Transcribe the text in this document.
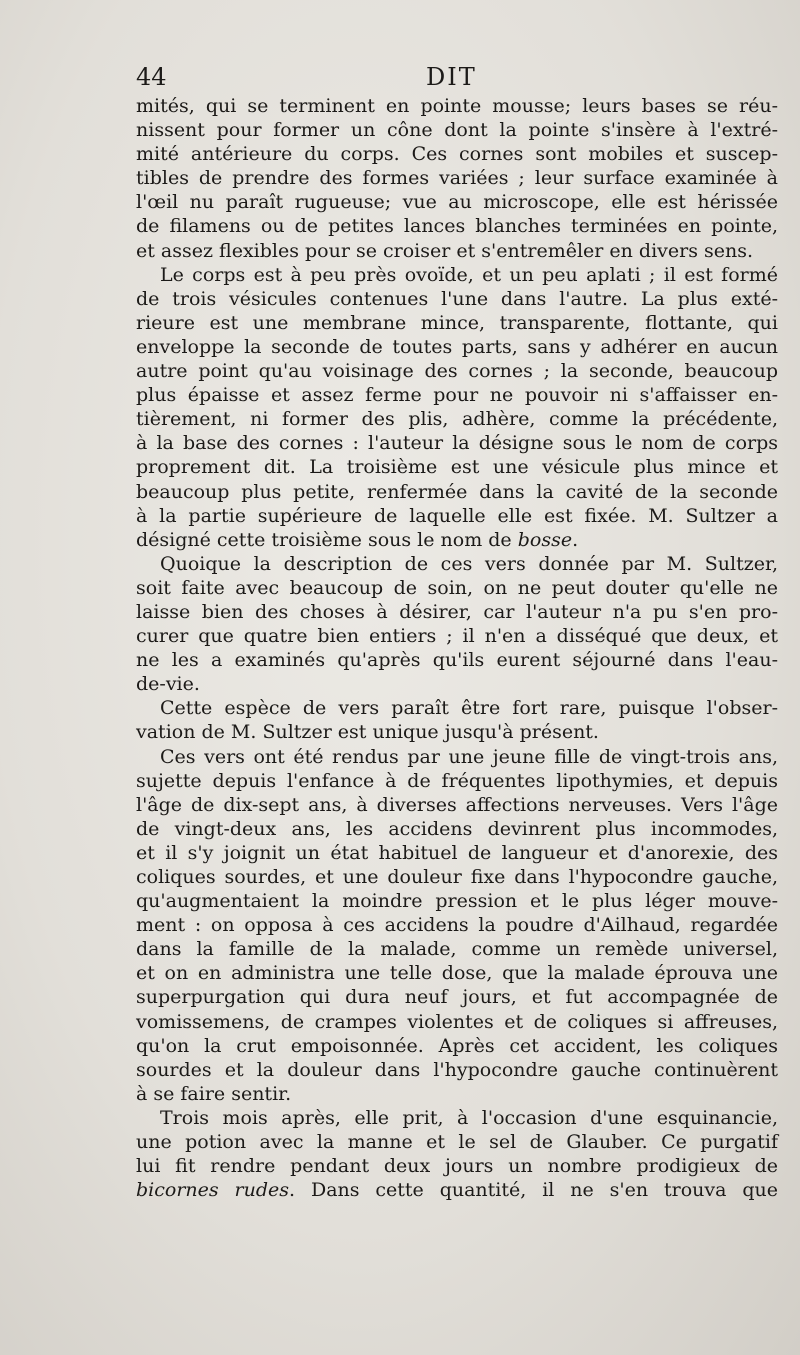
44	DIT
mités, qui se terminent en pointe mousse; leurs bases se réu-
nissent pour former un cône dont la pointe s'insère à l'extré-
mité antérieure du corps. Ces cornes sont mobiles et suscep-
tibles de prendre des formes variées ; leur surface examinée à
l'œil nu paraît rugueuse; vue au microscope, elle est hérissée
de filamens ou de petites lances blanches terminées en pointe,
et assez flexibles pour se croiser et s'entremêler en divers sens.
Le corps est à peu près ovoïde, et un peu aplati ; il est formé
de trois vésicules contenues l'une dans l'autre. La plus exté-
rieure est une membrane mince, transparente, flottante, qui
enveloppe la seconde de toutes parts, sans y adhérer en aucun
autre point qu'au voisinage des cornes ; la seconde, beaucoup
plus épaisse et assez ferme pour ne pouvoir ni s'affaisser en-
tièrement, ni former des plis, adhère, comme la précédente,
à la base des cornes : l'auteur la désigne sous le nom de corps
proprement dit. La troisième est une vésicule plus mince et
beaucoup plus petite, renfermée dans la cavité de la seconde
à la partie supérieure de laquelle elle est fixée. M. Sultzer a
désigné cette troisième sous le nom de bosse.
Quoique la description de ces vers donnée par M. Sultzer,
soit faite avec beaucoup de soin, on ne peut douter qu'elle ne
laisse bien des choses à désirer, car l'auteur n'a pu s'en pro-
curer que quatre bien entiers ; il n'en a disséqué que deux, et
ne les a examinés qu'après qu'ils eurent séjourné dans l'eau-
de-vie.
Cette espèce de vers paraît être fort rare, puisque l'obser-
vation de M. Sultzer est unique jusqu'à présent.
Ces vers ont été rendus par une jeune fille de vingt-trois ans,
sujette depuis l'enfance à de fréquentes lipothymies, et depuis
l'âge de dix-sept ans, à diverses affections nerveuses. Vers l'âge
de vingt-deux ans, les accidens devinrent plus incommodes,
et il s'y joignit un état habituel de langueur et d'anorexie, des
coliques sourdes, et une douleur fixe dans l'hypocondre gauche,
qu'augmentaient la moindre pression et le plus léger mouve-
ment : on opposa à ces accidens la poudre d'Ailhaud, regardée
dans la famille de la malade, comme un remède universel,
et on en administra une telle dose, que la malade éprouva une
superpurgation qui dura neuf jours, et fut accompagnée de
vomissemens, de crampes violentes et de coliques si affreuses,
qu'on la crut empoisonnée. Après cet accident, les coliques
sourdes et la douleur dans l'hypocondre gauche continuèrent
à se faire sentir.
Trois mois après, elle prit, à l'occasion d'une esquinancie,
une potion avec la manne et le sel de Glauber. Ce purgatif
lui fit rendre pendant deux jours un nombre prodigieux de
bicornes rudes. Dans cette quantité, il ne s'en trouva que
